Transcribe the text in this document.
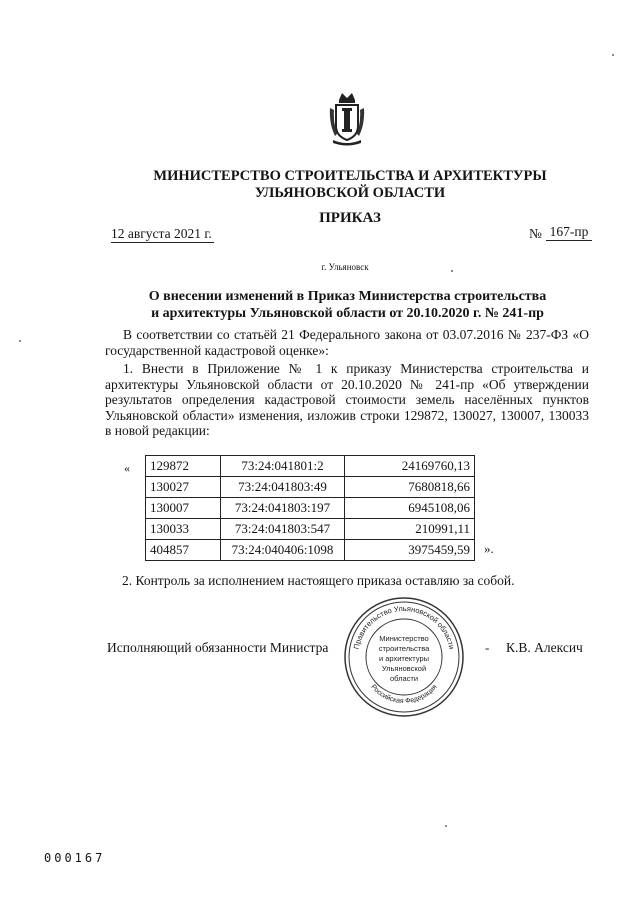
МИНИСТЕРСТВО СТРОИТЕЛЬСТВА И АРХИТЕКТУРЫ
УЛЬЯНОВСКОЙ ОБЛАСТИ
ПРИКАЗ
12 августа 2021 г.	№ 167-пр
г. Ульяновск
О внесении изменений в Приказ Министерства строительства
и архитектуры Ульяновской области от 20.10.2020 г. № 241-пр
В соответствии со статьёй 21 Федерального закона от 03.07.2016 № 237-ФЗ «О государственной кадастровой оценке»:
1. Внести в Приложение № 1 к приказу Министерства строительства и архитектуры Ульяновской области от 20.10.2020 № 241-пр «Об утверждении результатов определения кадастровой стоимости земель населённых пунктов Ульяновской области» изменения, изложив строки 129872, 130027, 130007, 130033 в новой редакции:
« 129872	73:24:041801:2	24169760,13
130027	73:24:041803:49	7680818,66
130007	73:24:041803:197	6945108,06
130033	73:24:041803:547	210991,11
404857	73:24:040406:1098	3975459,59 ».
2. Контроль за исполнением настоящего приказа оставляю за собой.
Исполняющий обязанности Министра	- К.В. Алексич
Правительство Ульяновской области
Российская Федерация
Министерство
строительства
и архитектуры
Ульяновской
области
000167
